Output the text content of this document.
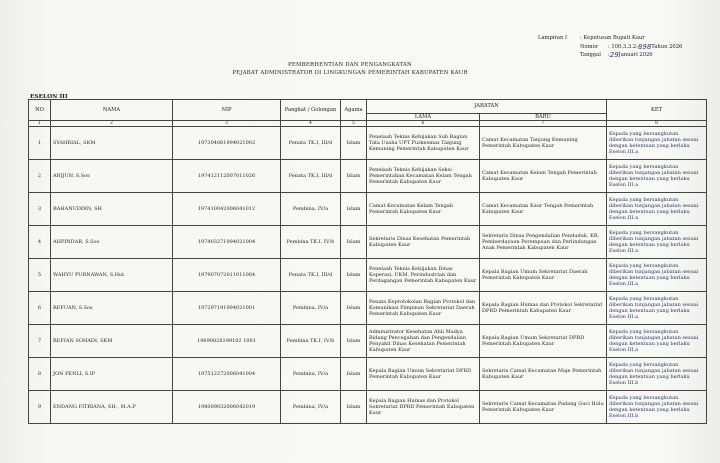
Lampiran I	:
Keputusan Bupati Kaur
Nomor	: 100.3.3.2- 898 Tahun 2026
Tanggal	: 29 Januari 2026
PEMBERHENTIAN DAN PENGANGKATAN
PEJABAT ADMINISTRATOR DI LINGKUNGAN PEMERINTAH KABUPATEN KAUR
ESELON III
NO	NAMA	NIP	Pangkat / Golongan	Agama	JABATAN		KET
					LAMA	BARU	
1	2	3	4	5	6	7	8
1	SYAHRIAL, SKM	197304061994021002	Penata TK.I, III/d	Islam	Penelaah Teknis Kebijakan Sub Bagian Tata Usaha UPT Puskesmas Tanjung Kemuning Pemerintah Kabupaten Kaur	Camat Kecamatan Tanjung Kemuning Pemerintah Kabupaten Kaur	Kepada yang bersangkutan diberikan tunjangan jabatan sesuai dengan ketentuan yang berlaku Eselon III.a
2	ARIJUN, S.Sos	197412112007011026	Penata TK.I, III/d	Islam	Penelaah Teknis Kebijakan Seksi Pemerintahan Kecamatan Kelam Tengah Pemerintah Kabupaten Kaur	Camat Kecamatan Kelam Tengah Pemerintah Kabupaten Kaur	Kepada yang bersangkutan diberikan tunjangan jabatan sesuai dengan ketentuan yang berlaku Eselon III.a
3	BAHANUDDIN, SH	197410042006041012	Pembina, IV/a	Islam	Camat Kecamatan Kelam Tengah Pemerintah Kabupaten Kaur	Camat Kecamatan Kaur Tengah Pemerintah Kabupaten Kaur	Kepada yang bersangkutan diberikan tunjangan jabatan sesuai dengan ketentuan yang berlaku Eselon III.a
4	AHPINDAR, S.Sos	197403271994021004	Pembina TK.I, IV/b	Islam	Sekretaris Dinas Kesehatan Pemerintah Kabupaten Kaur	Sekretaris Dinas Pengendalian Penduduk, KB, Pemberdayaan Perempuan dan Perlindungan Anak Pemerintah Kabupaten Kaur	Kepada yang bersangkutan diberikan tunjangan jabatan sesuai dengan ketentuan yang berlaku Eselon III.a
5	WAHYU PURNAWAN, S.Hut	197907072011011004	Penata TK.I, III/d	Islam	Penelaah Teknis Kebijakan Dinas Koperasi, UKM, Perindustrian dan Perdagangan Pemerintah Kabupaten Kaur	Kepala Bagian Umum Sekretariat Daerah Pemerintah Kabupaten Kaur	Kepada yang bersangkutan diberikan tunjangan jabatan sesuai dengan ketentuan yang berlaku Eselon III.a
6	REFUAN, S.Sos	197207191994021001	Pembina, IV/a	Islam	Penata Keprotokolan Bagian Protokol dan Komunikasi Pimpinan Sekretariat Daerah Pemerintah Kabupaten Kaur	Kepala Bagian Humas dan Protokol Sekretariat DPRD Pemerintah Kabupaten Kaur	Kepada yang bersangkutan diberikan tunjangan jabatan sesuai dengan ketentuan yang berlaku Eselon III.a
7	REFIAN SOHADI, SKM	19690828199102 1001	Pembina TK.I, IV/b	Islam	Administrator Kesehatan Ahli Madya Bidang Pencegahan dan Pengendalian Penyakit Dinas Kesehatan Pemerintah Kabupaten Kaur	Kepala Bagian Umum Sekretariat DPRD Pemerintah Kabupaten Kaur	Kepada yang bersangkutan diberikan tunjangan jabatan sesuai dengan ketentuan yang berlaku Eselon III.a
8	JON PENLI, S.IP	197512272006041004	Pembina, IV/a	Islam	Kepala Bagian Umum Sekretariat DPRD Pemerintah Kabupaten Kaur	Sekretaris Camat Kecamatan Maje Pemerintah Kabupaten Kaur	Kepada yang bersangkutan diberikan tunjangan jabatan sesuai dengan ketentuan yang berlaku Eselon III.b
9	ENDANG FITRIANA, SH., M.A.P	198009032006042019	Pembina, IV/a	Islam	Kepala Bagian Humas dan Protokol Sekretariat DPRD Pemerintah Kabupaten Kaur	Sekretaris Camat Kecamatan Padang Guci Hulu Pemerintah Kabupaten Kaur	Kepada yang bersangkutan diberikan tunjangan jabatan sesuai dengan ketentuan yang berlaku Eselon III.b
